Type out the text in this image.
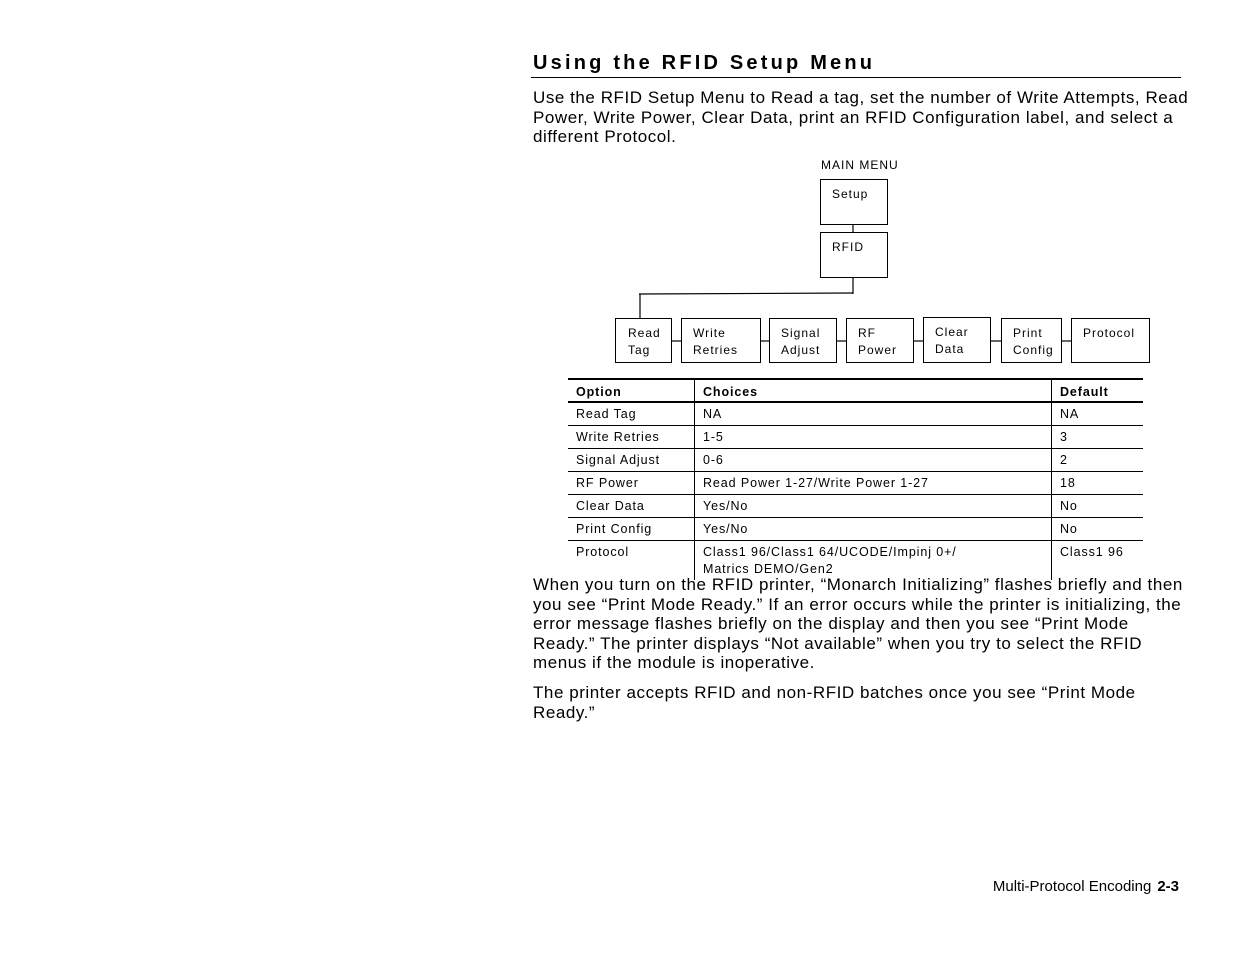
Using the RFID Setup Menu

Use the RFID Setup Menu to Read a tag, set the number of Write Attempts, Read Power, Write Power, Clear Data, print an RFID Configuration label, and select a different Protocol.

MAIN MENU
Setup
RFID
Read
Tag
Write
Retries
Signal
Adjust
RF
Power
Clear
Data
Print
Config
Protocol
Option	Choices	Default
Read Tag	NA	NA
Write Retries	1-5	3
Signal Adjust	0-6	2
RF Power	Read Power 1-27/Write Power 1-27	18
Clear Data	Yes/No	No
Print Config	Yes/No	No
Protocol	Class1 96/Class1 64/UCODE/Impinj 0+/
Matrics DEMO/Gen2	Class1 96

When you turn on the RFID printer, “Monarch Initializing” flashes briefly and then you see “Print Mode Ready.” If an error occurs while the printer is initializing, the error message flashes briefly on the display and then you see “Print Mode Ready.” The printer displays “Not available” when you try to select the RFID menus if the module is inoperative.

The printer accepts RFID and non-RFID batches once you see “Print Mode Ready.”

Multi-Protocol Encoding 2-3
